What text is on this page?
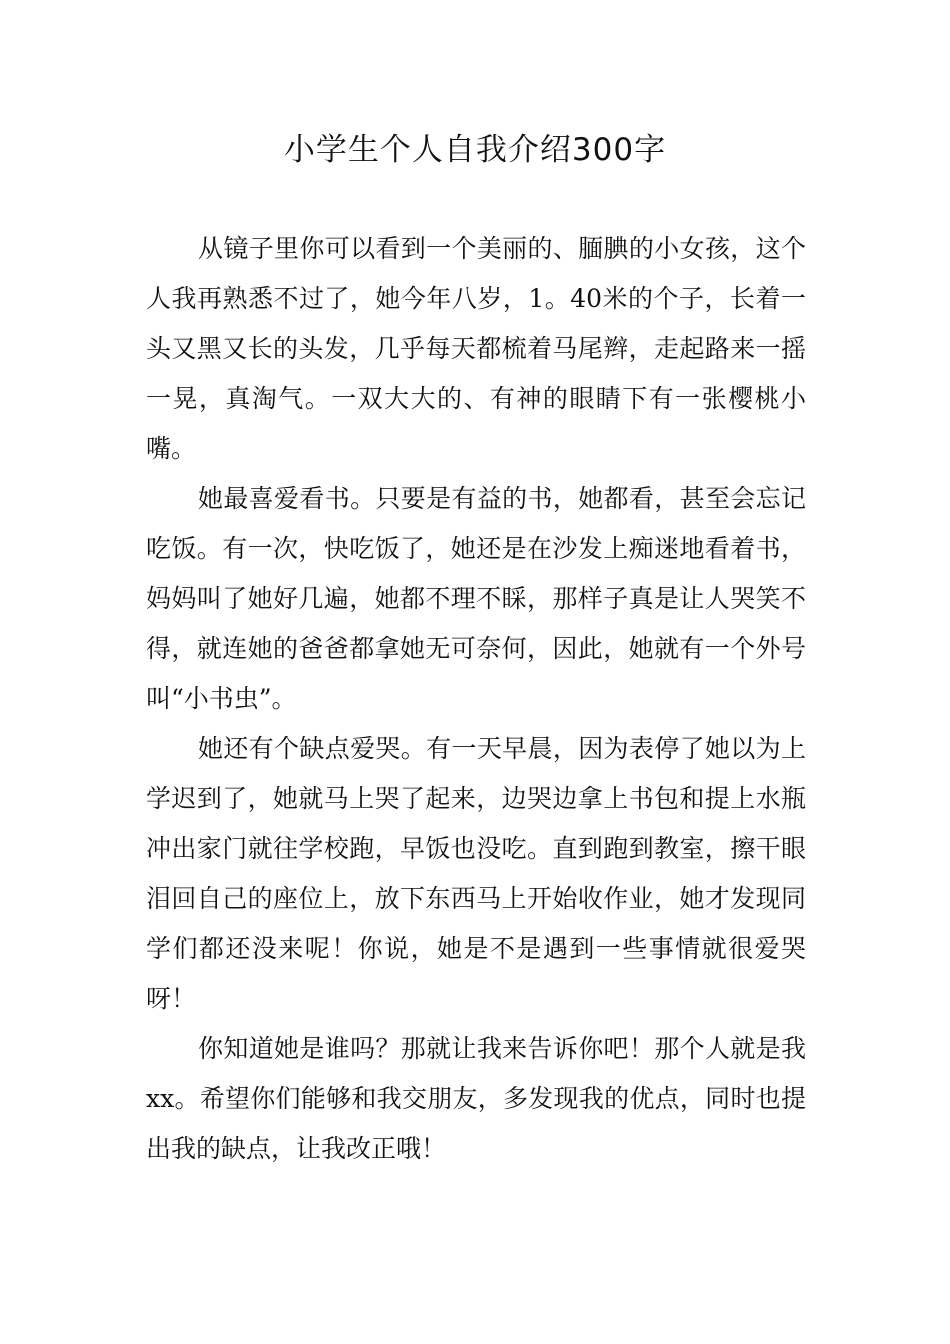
小学生个人自我介绍300字

从镜子里你可以看到一个美丽的、腼腆的小女孩，这个人我再熟悉不过了，她今年八岁，1。40米的个子，长着一头又黑又长的头发，几乎每天都梳着马尾辫，走起路来一摇一晃，真淘气。一双大大的、有神的眼睛下有一张樱桃小嘴。

她最喜爱看书。只要是有益的书，她都看，甚至会忘记吃饭。有一次，快吃饭了，她还是在沙发上痴迷地看着书，妈妈叫了她好几遍，她都不理不睬，那样子真是让人哭笑不得，就连她的爸爸都拿她无可奈何，因此，她就有一个外号叫“小书虫”。

她还有个缺点爱哭。有一天早晨，因为表停了她以为上学迟到了，她就马上哭了起来，边哭边拿上书包和提上水瓶冲出家门就往学校跑，早饭也没吃。直到跑到教室，擦干眼泪回自己的座位上，放下东西马上开始收作业，她才发现同学们都还没来呢！你说，她是不是遇到一些事情就很爱哭呀！

你知道她是谁吗？那就让我来告诉你吧！那个人就是我xx。希望你们能够和我交朋友，多发现我的优点，同时也提出我的缺点，让我改正哦！
